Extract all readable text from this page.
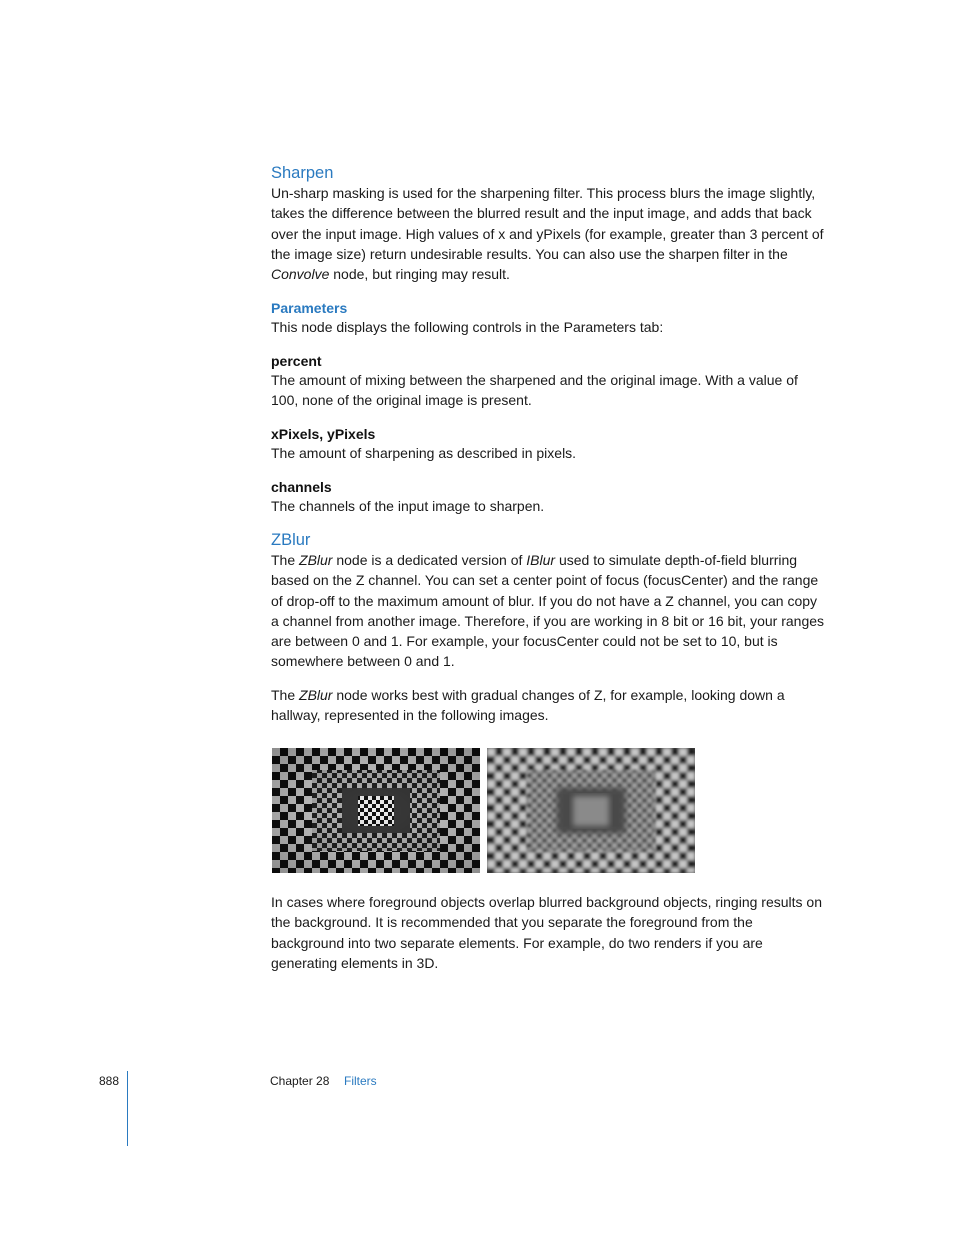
Sharpen

Un-sharp masking is used for the sharpening filter. This process blurs the image slightly, takes the difference between the blurred result and the input image, and adds that back over the input image. High values of x and yPixels (for example, greater than 3 percent of the image size) return undesirable results. You can also use the sharpen filter in the Convolve node, but ringing may result.

Parameters

This node displays the following controls in the Parameters tab:

percent

The amount of mixing between the sharpened and the original image. With a value of 100, none of the original image is present.

xPixels, yPixels

The amount of sharpening as described in pixels.

channels

The channels of the input image to sharpen.

ZBlur

The ZBlur node is a dedicated version of IBlur used to simulate depth-of-field blurring based on the Z channel. You can set a center point of focus (focusCenter) and the range of drop-off to the maximum amount of blur. If you do not have a Z channel, you can copy a channel from another image. Therefore, if you are working in 8 bit or 16 bit, your ranges are between 0 and 1. For example, your focusCenter could not be set to 10, but is somewhere between 0 and 1.

The ZBlur node works best with gradual changes of Z, for example, looking down a hallway, represented in the following images.

In cases where foreground objects overlap blurred background objects, ringing results on the background. It is recommended that you separate the foreground from the background into two separate elements. For example, do two renders if you are generating elements in 3D.

888	Chapter 28 Filters
